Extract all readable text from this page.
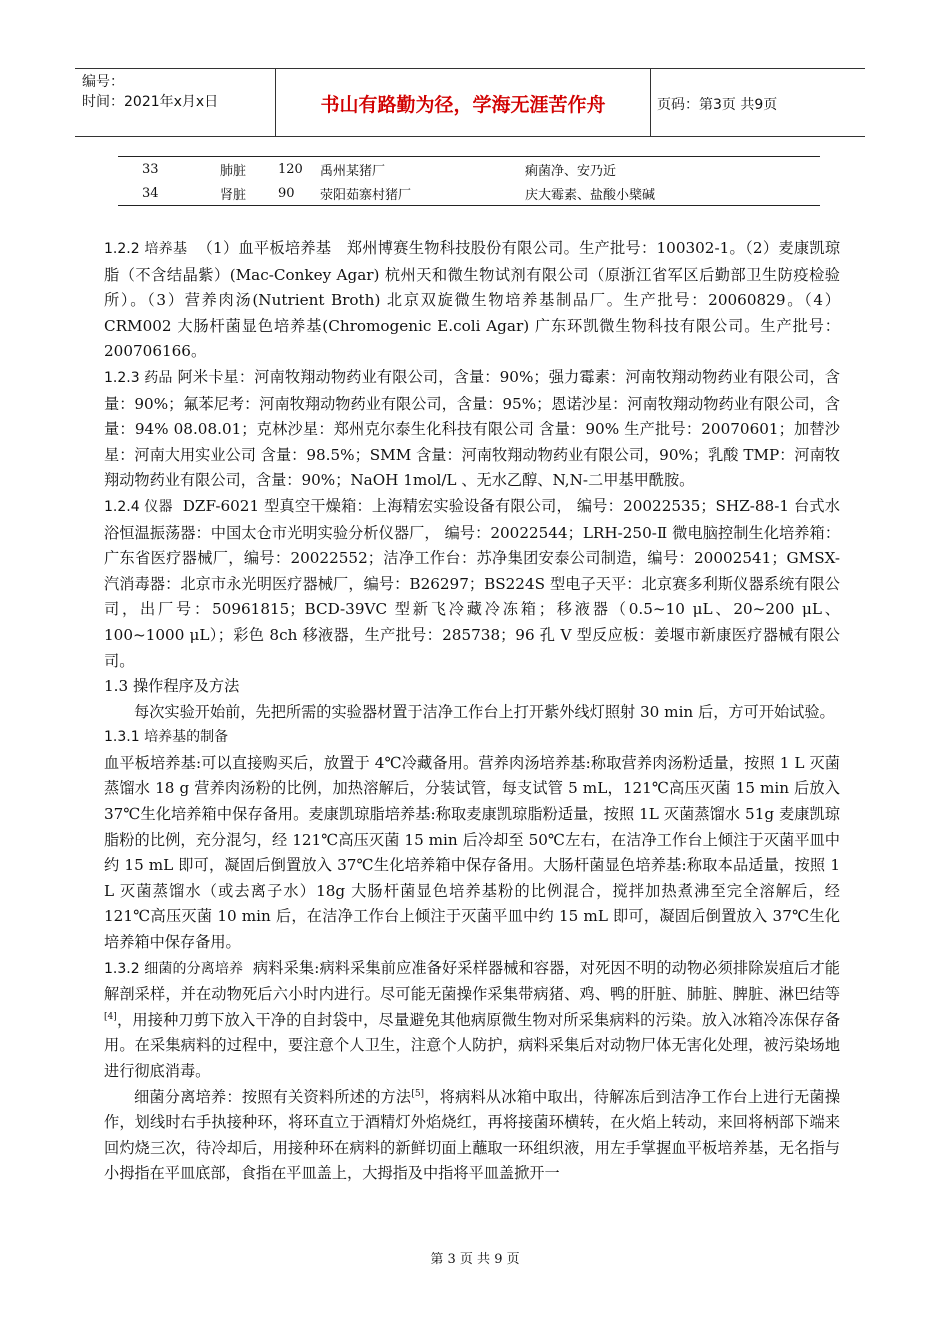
编号：
时间：2021年x月x日	书山有路勤为径，学海无涯苦作舟	页码：第3页 共9页
33	肺脏	120	禹州某猪厂	痢菌净、安乃近
34	肾脏	90	荥阳茹寨村猪厂	庆大霉素、盐酸小檗碱

1.2.2 培养基 （1）血平板培养基　郑州博赛生物科技股份有限公司。生产批号：100302-1。（2）麦康凯琼脂（不含结晶紫）(Mac-Conkey Agar) 杭州天和微生物试剂有限公司（原浙江省军区后勤部卫生防疫检验所）。（3）营养肉汤(Nutrient Broth) 北京双旋微生物培养基制品厂。生产批号：20060829。（4）CRM002 大肠杆菌显色培养基(Chromogenic E.coli Agar) 广东环凯微生物科技有限公司。生产批号：200706166。

1.2.3 药品 阿米卡星：河南牧翔动物药业有限公司，含量：90%；强力霉素：河南牧翔动物药业有限公司，含量：90%；氟苯尼考：河南牧翔动物药业有限公司，含量：95%；恩诺沙星：河南牧翔动物药业有限公司，含量：94% 08.08.01；克林沙星：郑州克尔泰生化科技有限公司 含量：90% 生产批号：20070601；加替沙星：河南大用实业公司 含量：98.5%；SMM 含量：河南牧翔动物药业有限公司，90%；乳酸 TMP：河南牧翔动物药业有限公司，含量：90%；NaOH 1mol/L 、无水乙醇、N,N-二甲基甲酰胺。

1.2.4 仪器 DZF-6021 型真空干燥箱：上海精宏实验设备有限公司， 编号：20022535；SHZ-88-1 台式水浴恒温振荡器：中国太仓市光明实验分析仪器厂， 编号：20022544；LRH-250-Ⅱ 微电脑控制生化培养箱：广东省医疗器械厂，编号：20022552；洁净工作台：苏净集团安泰公司制造，编号：20002541；GMSX-汽消毒器：北京市永光明医疗器械厂，编号：B26297；BS224S 型电子天平：北京赛多利斯仪器系统有限公司，出厂号：50961815；BCD-39VC 型新飞冷藏冷冻箱；移液器（0.5~10 μL、20~200 μL、100~1000 μL）；彩色 8ch 移液器，生产批号：285738；96 孔 V 型反应板：姜堰市新康医疗器械有限公司。

1.3 操作程序及方法

每次实验开始前，先把所需的实验器材置于洁净工作台上打开紫外线灯照射 30 min 后，方可开始试验。

1.3.1 培养基的制备

血平板培养基:可以直接购买后，放置于 4℃冷藏备用。营养肉汤培养基:称取营养肉汤粉适量，按照 1 L 灭菌蒸馏水 18 g 营养肉汤粉的比例，加热溶解后，分装试管，每支试管 5 mL，121℃高压灭菌 15 min 后放入 37℃生化培养箱中保存备用。麦康凯琼脂培养基:称取麦康凯琼脂粉适量，按照 1L 灭菌蒸馏水 51g 麦康凯琼脂粉的比例，充分混匀，经 121℃高压灭菌 15 min 后冷却至 50℃左右，在洁净工作台上倾注于灭菌平皿中约 15 mL 即可，凝固后倒置放入 37℃生化培养箱中保存备用。大肠杆菌显色培养基:称取本品适量，按照 1 L 灭菌蒸馏水（或去离子水）18g 大肠杆菌显色培养基粉的比例混合，搅拌加热煮沸至完全溶解后，经 121℃高压灭菌 10 min 后，在洁净工作台上倾注于灭菌平皿中约 15 mL 即可，凝固后倒置放入 37℃生化培养箱中保存备用。

1.3.2 细菌的分离培养 病料采集:病料采集前应准备好采样器械和容器，对死因不明的动物必须排除炭疽后才能解剖采样，并在动物死后六小时内进行。尽可能无菌操作采集带病猪、鸡、鸭的肝脏、肺脏、脾脏、淋巴结等[4]，用接种刀剪下放入干净的自封袋中，尽量避免其他病原微生物对所采集病料的污染。放入冰箱冷冻保存备用。在采集病料的过程中，要注意个人卫生，注意个人防护，病料采集后对动物尸体无害化处理，被污染场地进行彻底消毒。

细菌分离培养：按照有关资料所述的方法[5]，将病料从冰箱中取出，待解冻后到洁净工作台上进行无菌操作，划线时右手执接种环，将环直立于酒精灯外焰烧红，再将接菌环横转，在火焰上转动，来回将柄部下端来回灼烧三次，待冷却后，用接种环在病料的新鲜切面上蘸取一环组织液，用左手掌握血平板培养基，无名指与小拇指在平皿底部，食指在平皿盖上，大拇指及中指将平皿盖掀开一

第 3 页 共 9 页
